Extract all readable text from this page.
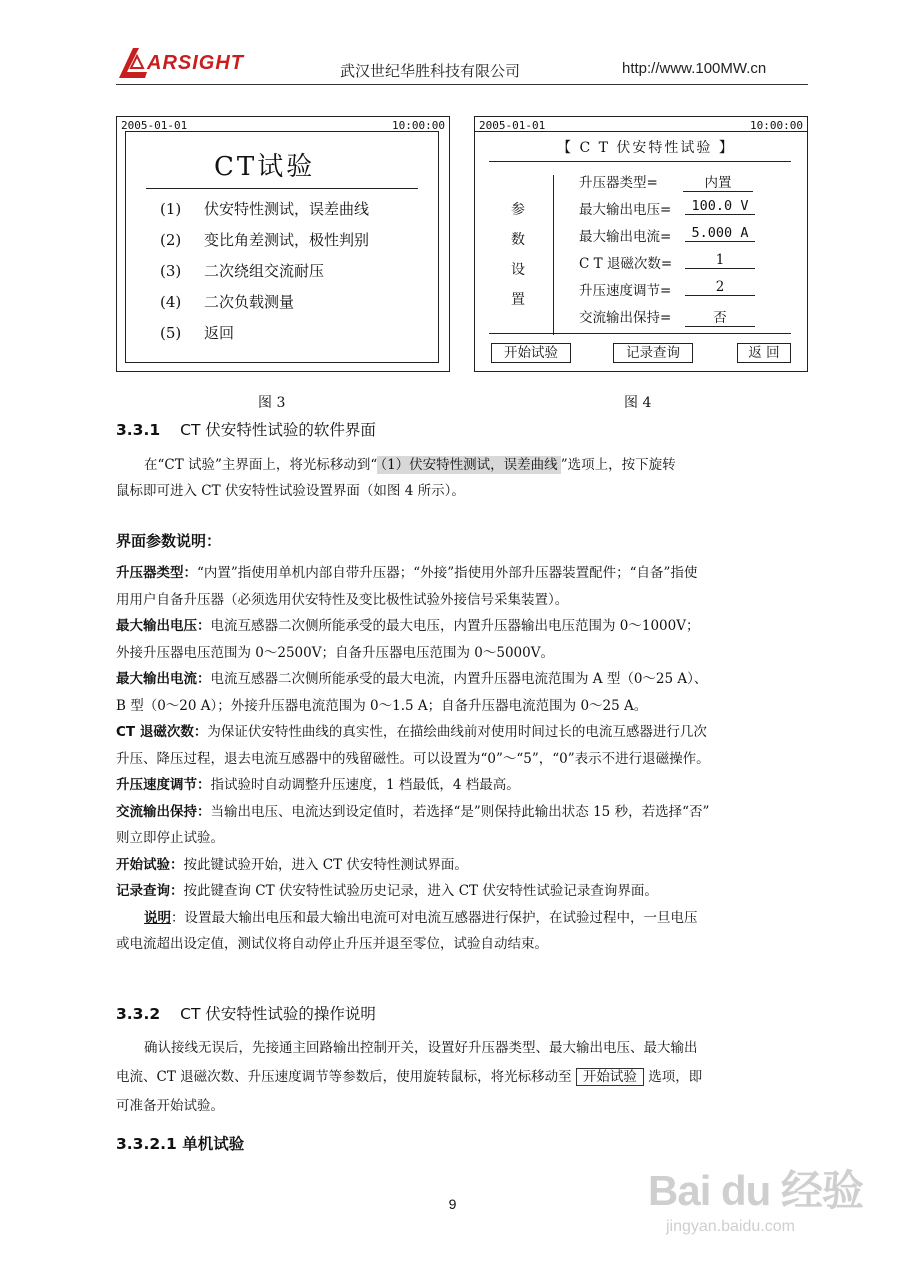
ARSIGHT	武汉世纪华胜科技有限公司	http://www.100MW.cn
2005-01-01	10:00:00
CT试验
(1) 伏安特性测试，误差曲线
(2) 变比角差测试，极性判别
(3) 二次绕组交流耐压
(4) 二次负载测量
(5) 返回
图 3
2005-01-01	10:00:00
【 C T 伏安特性试验 】
参
数
设
置
升压器类型=	内置
最大输出电压=	100.0 V
最大输出电流=	5.000 A
C T 退磁次数=	1
升压速度调节=	2
交流输出保持=	否
开始试验	记录查询	返 回
图 4
3.3.1 CT 伏安特性试验的软件界面
在“CT 试验”主界面上，将光标移动到“ （1）伏安特性测试，误差曲线 ”选项上，按下旋转
鼠标即可进入 CT 伏安特性试验设置界面（如图 4 所示）。
界面参数说明：
升压器类型：“内置”指使用单机内部自带升压器；“外接”指使用外部升压器装置配件；“自备”指使
用用户自备升压器（必须选用伏安特性及变比极性试验外接信号采集装置）。
最大输出电压：电流互感器二次侧所能承受的最大电压，内置升压器输出电压范围为 0～1000V；
外接升压器电压范围为 0～2500V；自备升压器电压范围为 0～5000V。
最大输出电流：电流互感器二次侧所能承受的最大电流，内置升压器电流范围为 A 型（0～25 A）、
B 型（0～20 A）；外接升压器电流范围为 0～1.5 A；自备升压器电流范围为 0～25 A。
CT 退磁次数：为保证伏安特性曲线的真实性，在描绘曲线前对使用时间过长的电流互感器进行几次
升压、降压过程，退去电流互感器中的残留磁性。可以设置为“0”～“5”，“0”表示不进行退磁操作。
升压速度调节：指试验时自动调整升压速度，1 档最低，4 档最高。
交流输出保持：当输出电压、电流达到设定值时，若选择“是”则保持此输出状态 15 秒，若选择“否”
则立即停止试验。
开始试验：按此键试验开始，进入 CT 伏安特性测试界面。
记录查询：按此键查询 CT 伏安特性试验历史记录，进入 CT 伏安特性试验记录查询界面。
说明：设置最大输出电压和最大输出电流可对电流互感器进行保护，在试验过程中，一旦电压
或电流超出设定值，测试仪将自动停止升压并退至零位，试验自动结束。
3.3.2 CT 伏安特性试验的操作说明
确认接线无误后，先接通主回路输出控制开关，设置好升压器类型、最大输出电压、最大输出
电流、CT 退磁次数、升压速度调节等参数后，使用旋转鼠标，将光标移动至 开始试验 选项，即
可准备开始试验。
3.3.2.1 单机试验
9	Bai du 经验
jingyan.baidu.com
